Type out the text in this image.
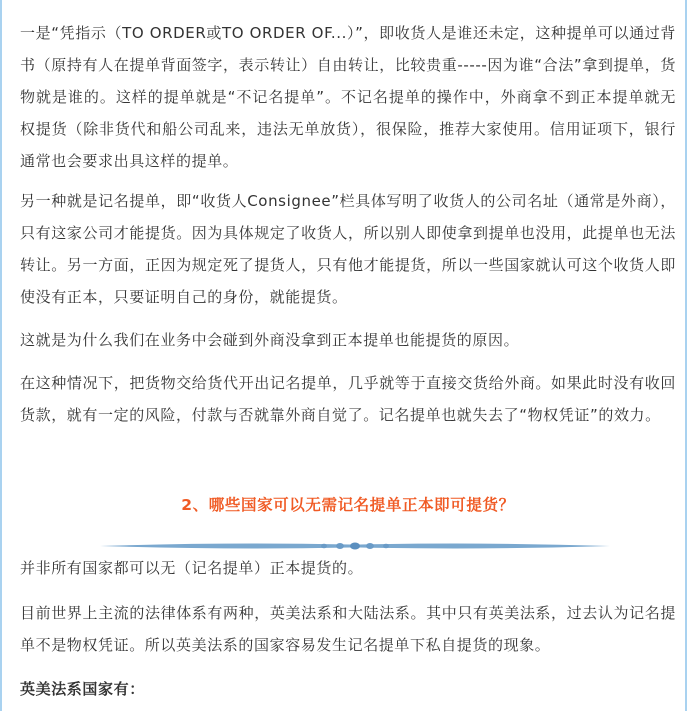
一是“凭指示（TO ORDER或TO ORDER OF...）”，即收货人是谁还未定，这种提单可以通过背书（原持有人在提单背面签字，表示转让）自由转让，比较贵重-----因为谁“合法”拿到提单，货物就是谁的。这样的提单就是“不记名提单”。不记名提单的操作中，外商拿不到正本提单就无权提货（除非货代和船公司乱来，违法无单放货），很保险，推荐大家使用。信用证项下，银行通常也会要求出具这样的提单。

另一种就是记名提单，即“收货人Consignee”栏具体写明了收货人的公司名址（通常是外商），只有这家公司才能提货。因为具体规定了收货人，所以别人即使拿到提单也没用，此提单也无法转让。另一方面，正因为规定死了提货人，只有他才能提货，所以一些国家就认可这个收货人即使没有正本，只要证明自己的身份，就能提货。

这就是为什么我们在业务中会碰到外商没拿到正本提单也能提货的原因。

在这种情况下，把货物交给货代开出记名提单，几乎就等于直接交货给外商。如果此时没有收回货款，就有一定的风险，付款与否就靠外商自觉了。记名提单也就失去了“物权凭证”的效力。

2、哪些国家可以无需记名提单正本即可提货？

并非所有国家都可以无（记名提单）正本提货的。

目前世界上主流的法律体系有两种，英美法系和大陆法系。其中只有英美法系，过去认为记名提单不是物权凭证。所以英美法系的国家容易发生记名提单下私自提货的现象。

英美法系国家有：
